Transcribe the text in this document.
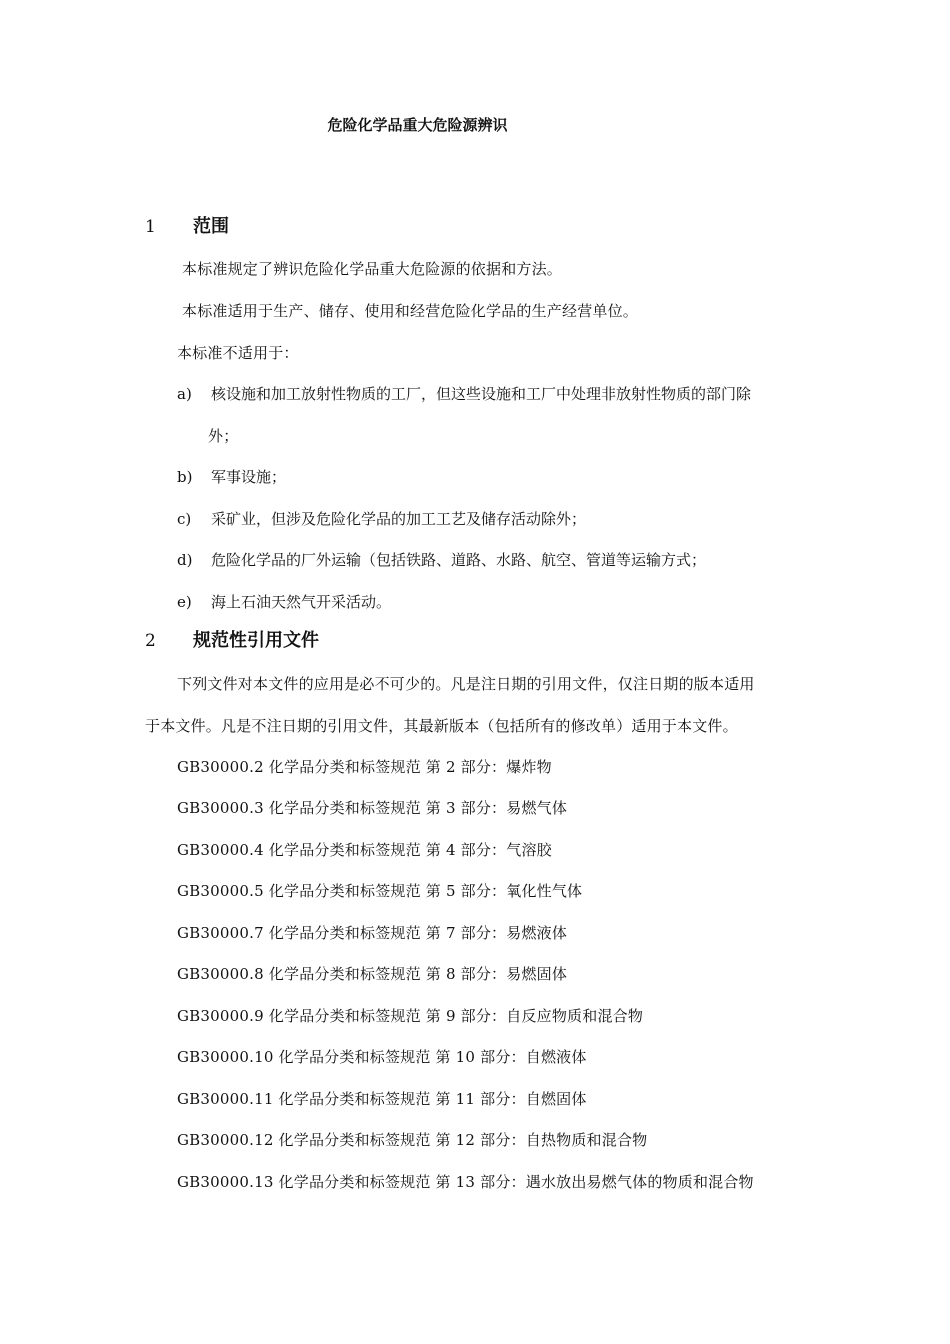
危险化学品重大危险源辨识
1 范围
本标准规定了辨识危险化学品重大危险源的依据和方法。
本标准适用于生产、储存、使用和经营危险化学品的生产经营单位。
本标准不适用于：
a) 核设施和加工放射性物质的工厂，但这些设施和工厂中处理非放射性物质的部门除
外；
b) 军事设施；
c) 采矿业，但涉及危险化学品的加工工艺及储存活动除外；
d) 危险化学品的厂外运输（包括铁路、道路、水路、航空、管道等运输方式；
e) 海上石油天然气开采活动。
2 规范性引用文件
下列文件对本文件的应用是必不可少的。凡是注日期的引用文件，仅注日期的版本适用
于本文件。凡是不注日期的引用文件，其最新版本（包括所有的修改单）适用于本文件。
GB30000.2 化学品分类和标签规范 第 2 部分：爆炸物
GB30000.3 化学品分类和标签规范 第 3 部分：易燃气体
GB30000.4 化学品分类和标签规范 第 4 部分：气溶胶
GB30000.5 化学品分类和标签规范 第 5 部分：氧化性气体
GB30000.7 化学品分类和标签规范 第 7 部分：易燃液体
GB30000.8 化学品分类和标签规范 第 8 部分：易燃固体
GB30000.9 化学品分类和标签规范 第 9 部分：自反应物质和混合物
GB30000.10 化学品分类和标签规范 第 10 部分：自燃液体
GB30000.11 化学品分类和标签规范 第 11 部分：自燃固体
GB30000.12 化学品分类和标签规范 第 12 部分：自热物质和混合物
GB30000.13 化学品分类和标签规范 第 13 部分：遇水放出易燃气体的物质和混合物
